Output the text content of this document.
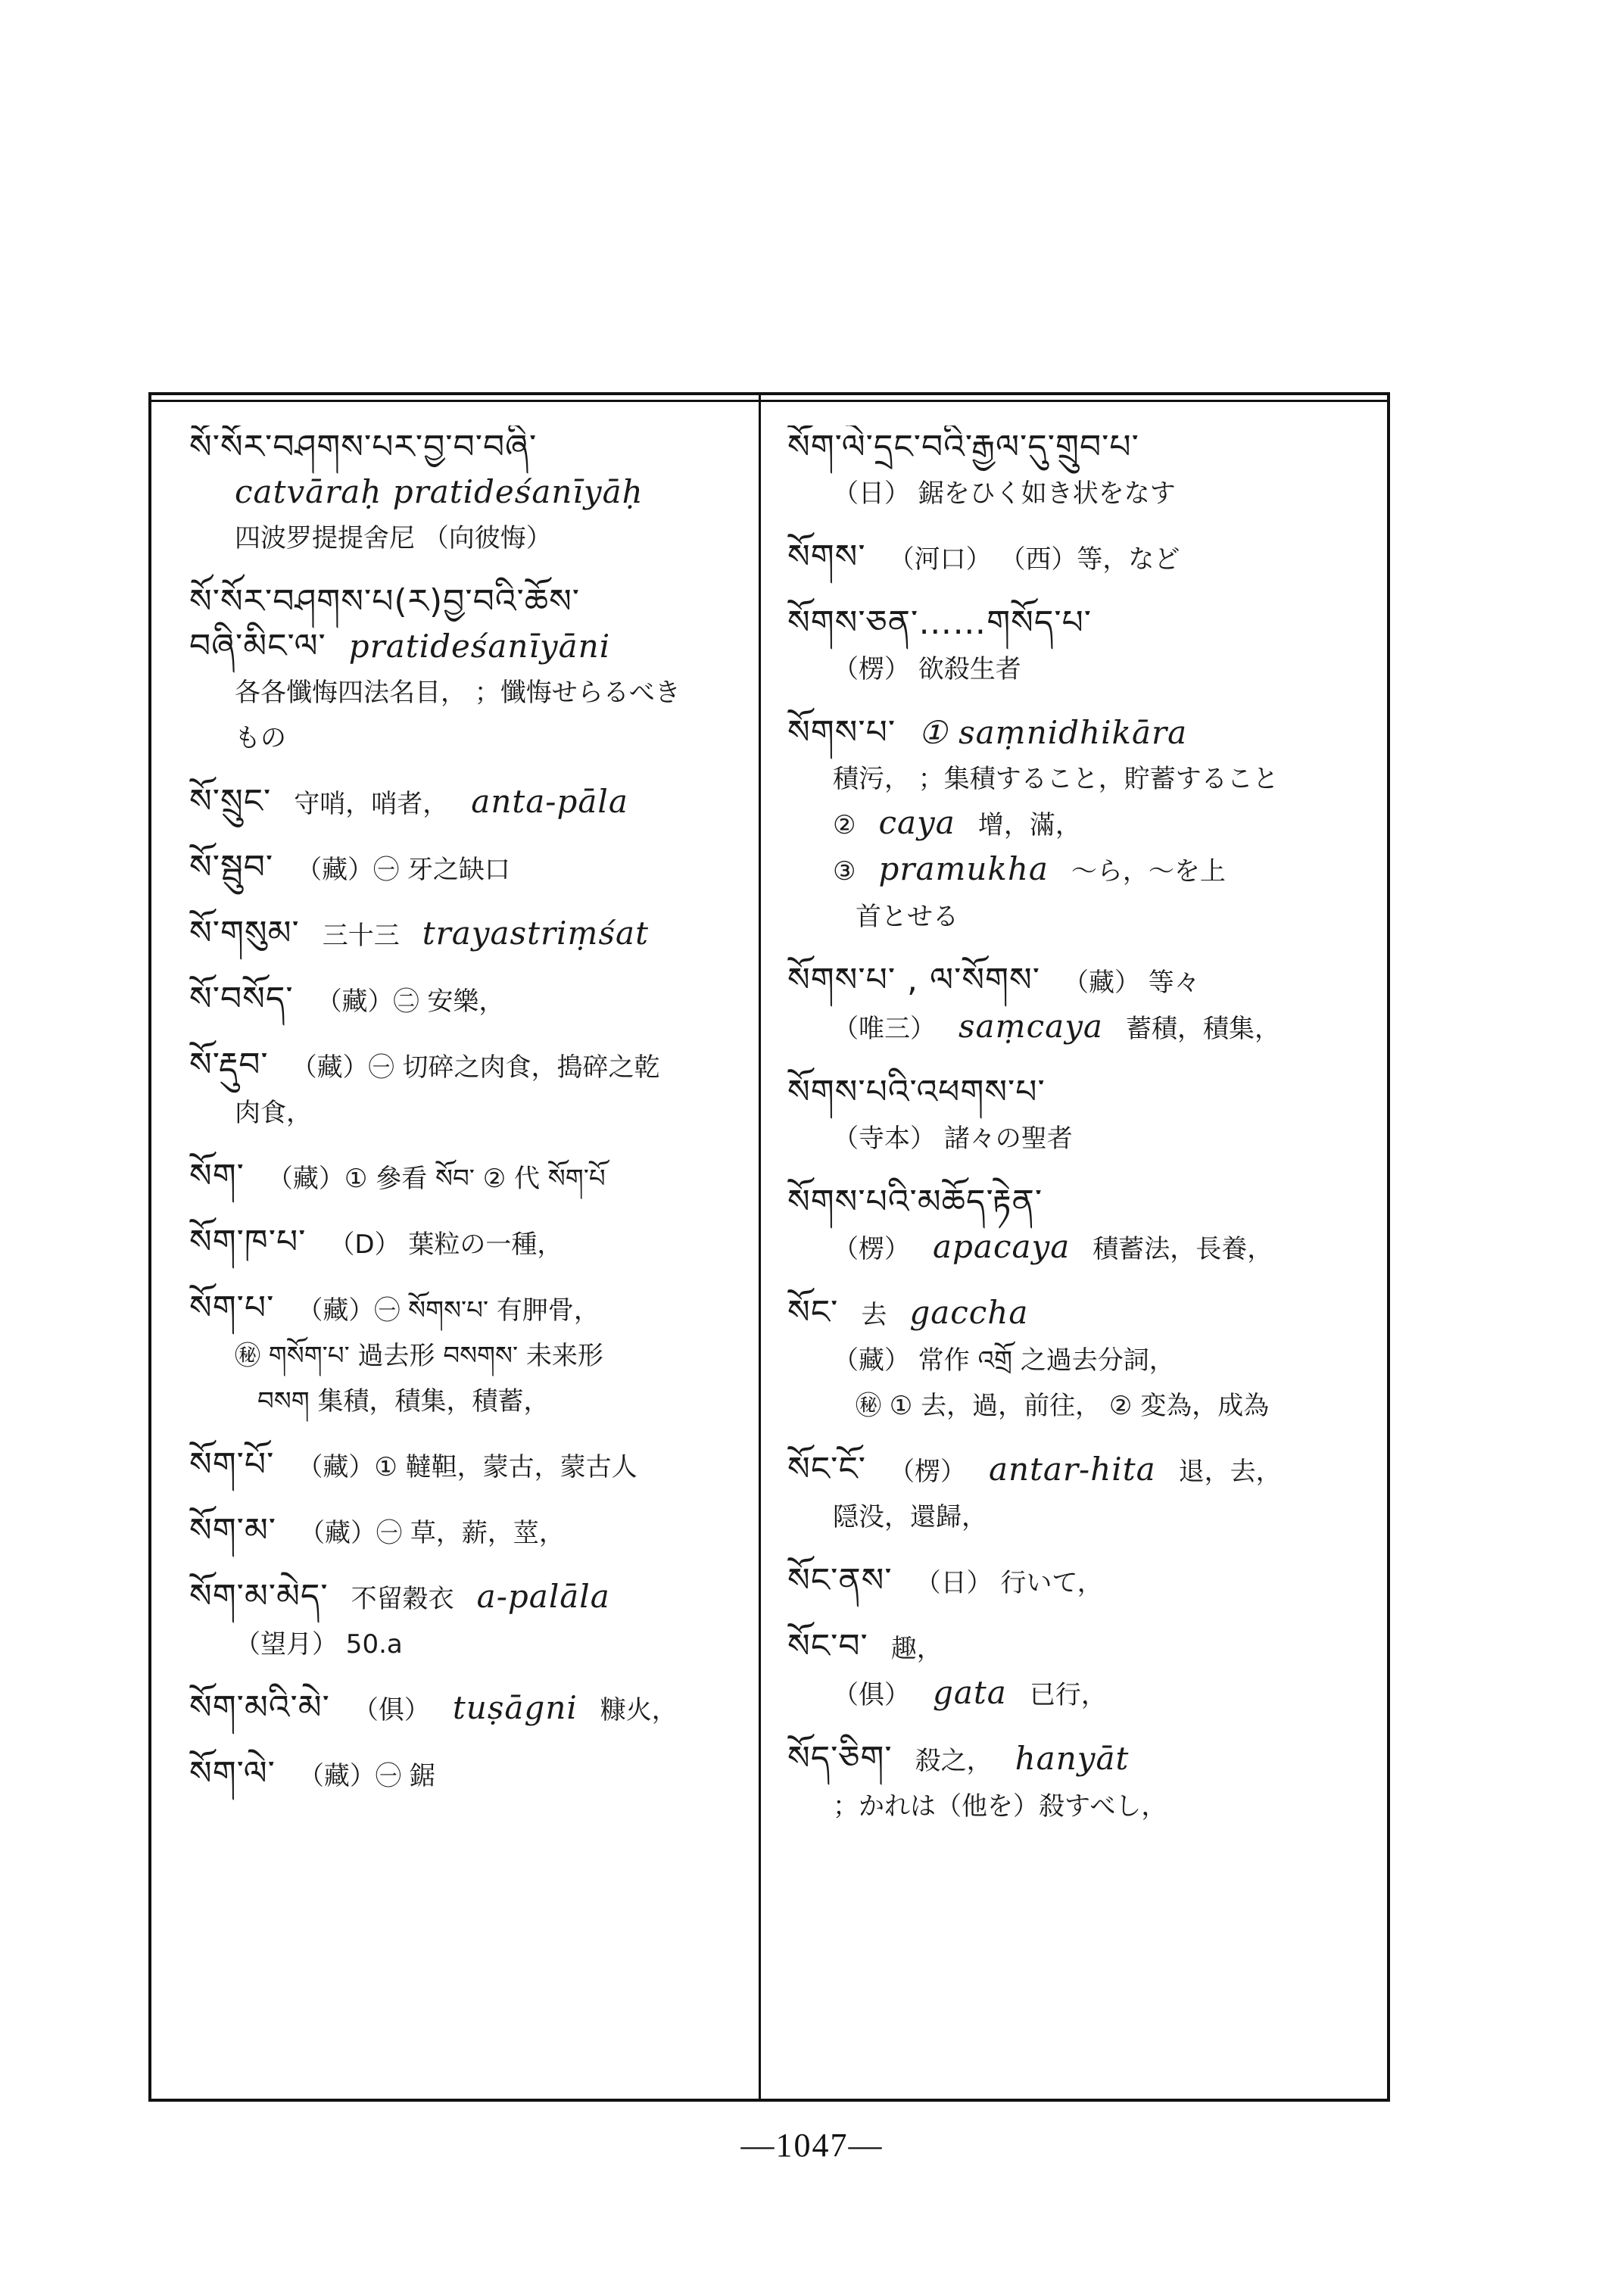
སོ་སོར་བཤགས་པར་བྱ་བ་བཞི་
catvāraḥ pratideśanīyāḥ
四波罗提提舍尼 （向彼悔）
སོ་སོར་བཤགས་པ(ར)བྱ་བའི་ཆོས་
བཞི་མིང་ལ་ pratideśanīyāni
各各懺悔四法名目， ；懺悔せらるべき
もの
སོ་སྲུང་ 守哨，哨者， anta-pāla
སོ་སྦུབ་ （藏）㊀ 牙之缺口
སོ་གསུམ་ 三十三 trayastriṃśat
སོ་བསོད་ （藏）㊁ 安樂，
སོ་རྡུབ་ （藏）㊀ 切碎之肉食，搗碎之乾
肉食，
སོག་ （藏）① 參看 སོབ་ ② 代 སོག་པོ
སོག་ཁ་པ་ （D） 葉粒の一種，
སོག་པ་ （藏）㊀ སོགས་པ་ 有胛骨，
㊙ གསོག་པ་ 過去形 བསགས་ 未来形
བསག 集積，積集，積蓄，
སོག་པོ་ （藏）① 韃靼，蒙古，蒙古人
སོག་མ་ （藏）㊀ 草，薪，莖，
སོག་མ་མེད་ 不留穀衣 a-palāla
（望月） 50.a
སོག་མའི་མེ་ （俱） tuṣāgni 糠火，
སོག་ལེ་ （藏）㊀ 鋸
སོག་ལེ་དྲང་བའི་རྒྱལ་དུ་གྲུབ་པ་
（日） 鋸をひく如き状をなす
སོགས་ （河口） （西）等，など
སོགས་ཅན་……གསོད་པ་
（楞） 欲殺生者
སོགས་པ་ ① saṃnidhikāra
積污， ；集積すること，貯蓄すること
② caya 增，滿，
③ pramukha 〜ら，〜を上
首とせる
སོགས་པ་ , ལ་སོགས་ （藏） 等々
（唯三） saṃcaya 蓄積，積集，
སོགས་པའི་འཕགས་པ་
（寺本） 諸々の聖者
སོགས་པའི་མཆོད་རྟེན་
（楞） apacaya 積蓄法，長養，
སོང་ 去 gaccha
（藏） 常作 འགྲོ 之過去分詞，
㊙ ① 去，過，前往， ② 変為，成為
སོང་ངོ་ （楞） antar-hita 退，去，
隠没，還歸，
སོང་ནས་ （日） 行いて，
སོང་བ་ 趣，
（俱） gata 已行，
སོད་ཅིག་ 殺之， hanyāt
；かれは（他を）殺すべし，
—1047—
